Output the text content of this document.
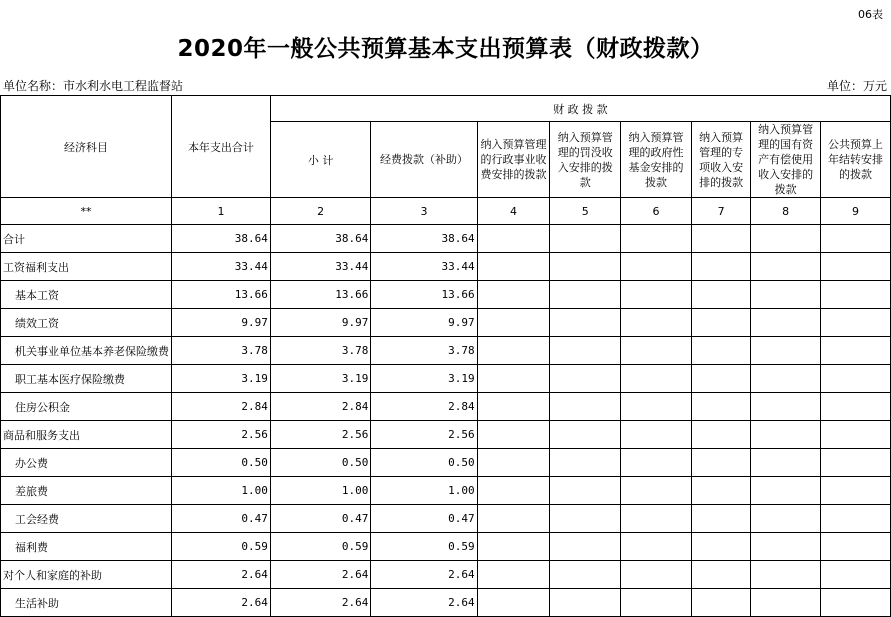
06表
2020年一般公共预算基本支出预算表（财政拨款）
单位名称：市水利水电工程监督站	单位：万元
经济科目	本年支出合计	财 政 拨 款							
		小 计	经费拨款（补助）	纳入预算管理的行政事业收费安排的拨款	纳入预算管理的罚没收入安排的拨款	纳入预算管理的政府性基金安排的拨款	纳入预算管理的专项收入安排的拨款	纳入预算管理的国有资产有偿使用收入安排的拨款	公共预算上年结转安排的拨款
**	1	2	3	4	5	6	7	8	9
合计	38.64	38.64	38.64						
工资福利支出	33.44	33.44	33.44						
基本工资	13.66	13.66	13.66						
绩效工资	9.97	9.97	9.97						
机关事业单位基本养老保险缴费	3.78	3.78	3.78						
职工基本医疗保险缴费	3.19	3.19	3.19						
住房公积金	2.84	2.84	2.84						
商品和服务支出	2.56	2.56	2.56						
办公费	0.50	0.50	0.50						
差旅费	1.00	1.00	1.00						
工会经费	0.47	0.47	0.47						
福利费	0.59	0.59	0.59						
对个人和家庭的补助	2.64	2.64	2.64						
生活补助	2.64	2.64	2.64						
